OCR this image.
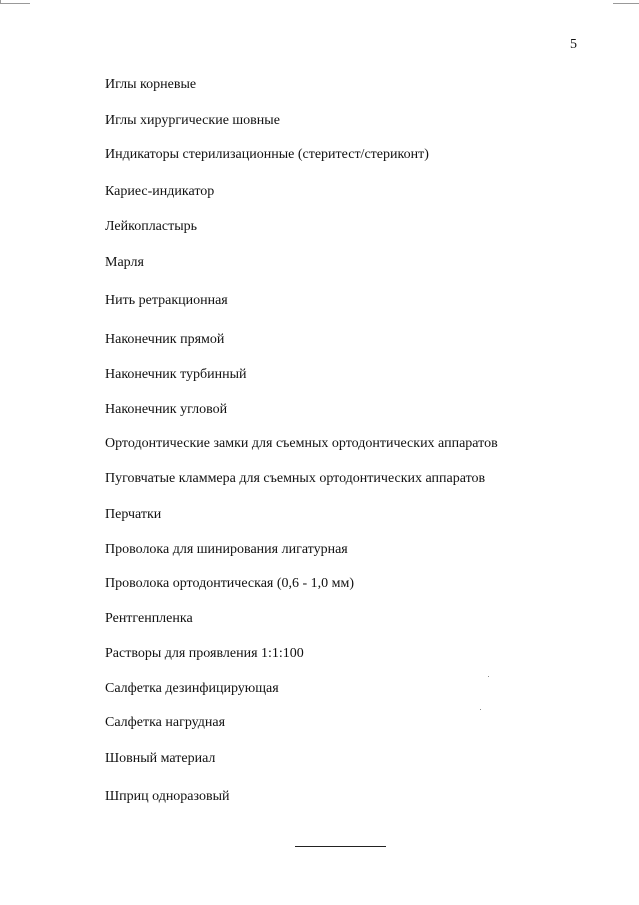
5
Иглы корневые
Иглы хирургические шовные
Индикаторы стерилизационные (стеритест/стериконт)
Кариес-индикатор
Лейкопластырь
Марля
Нить ретракционная
Наконечник прямой
Наконечник турбинный
Наконечник угловой
Ортодонтические замки для съемных ортодонтических аппаратов
Пуговчатые кламмера для съемных ортодонтических аппаратов
Перчатки
Проволока для шинирования лигатурная
Проволока ортодонтическая (0,6 - 1,0 мм)
Рентгенпленка
Растворы для проявления 1:1:100
Салфетка дезинфицирующая
Салфетка нагрудная
Шовный материал
Шприц одноразовый
